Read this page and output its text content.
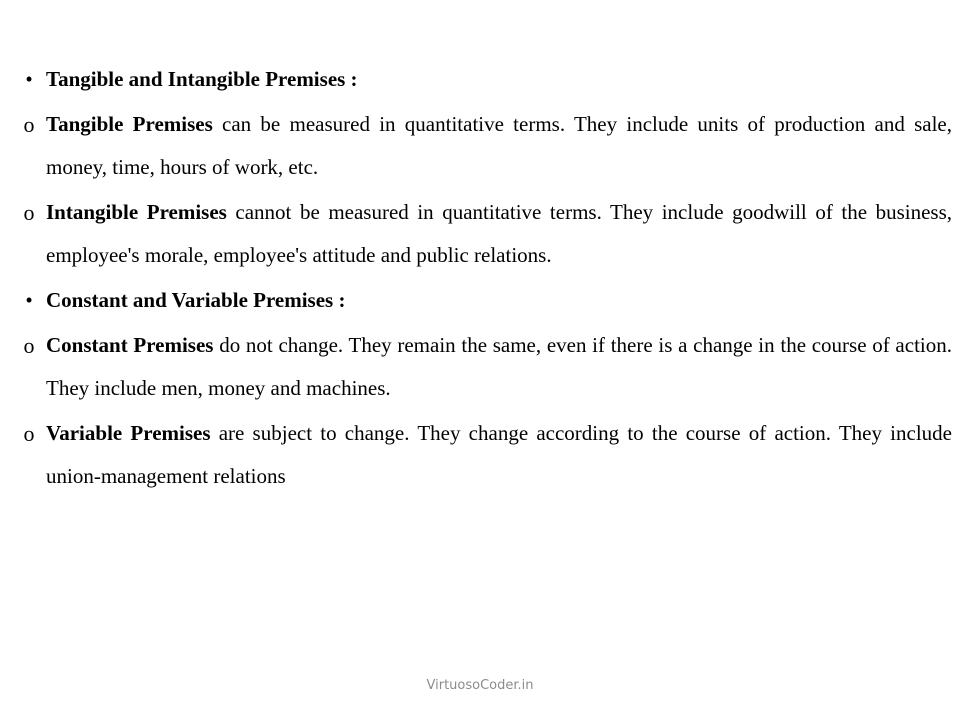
• Tangible and Intangible Premises :
o Tangible Premises can be measured in quantitative terms. They include units of production and sale, money, time, hours of work, etc.
o Intangible Premises cannot be measured in quantitative terms. They include goodwill of the business, employee's morale, employee's attitude and public relations.
• Constant and Variable Premises :
o Constant Premises do not change. They remain the same, even if there is a change in the course of action. They include men, money and machines.
o Variable Premises are subject to change. They change according to the course of action. They include union-management relations
VirtuosoCoder.in
